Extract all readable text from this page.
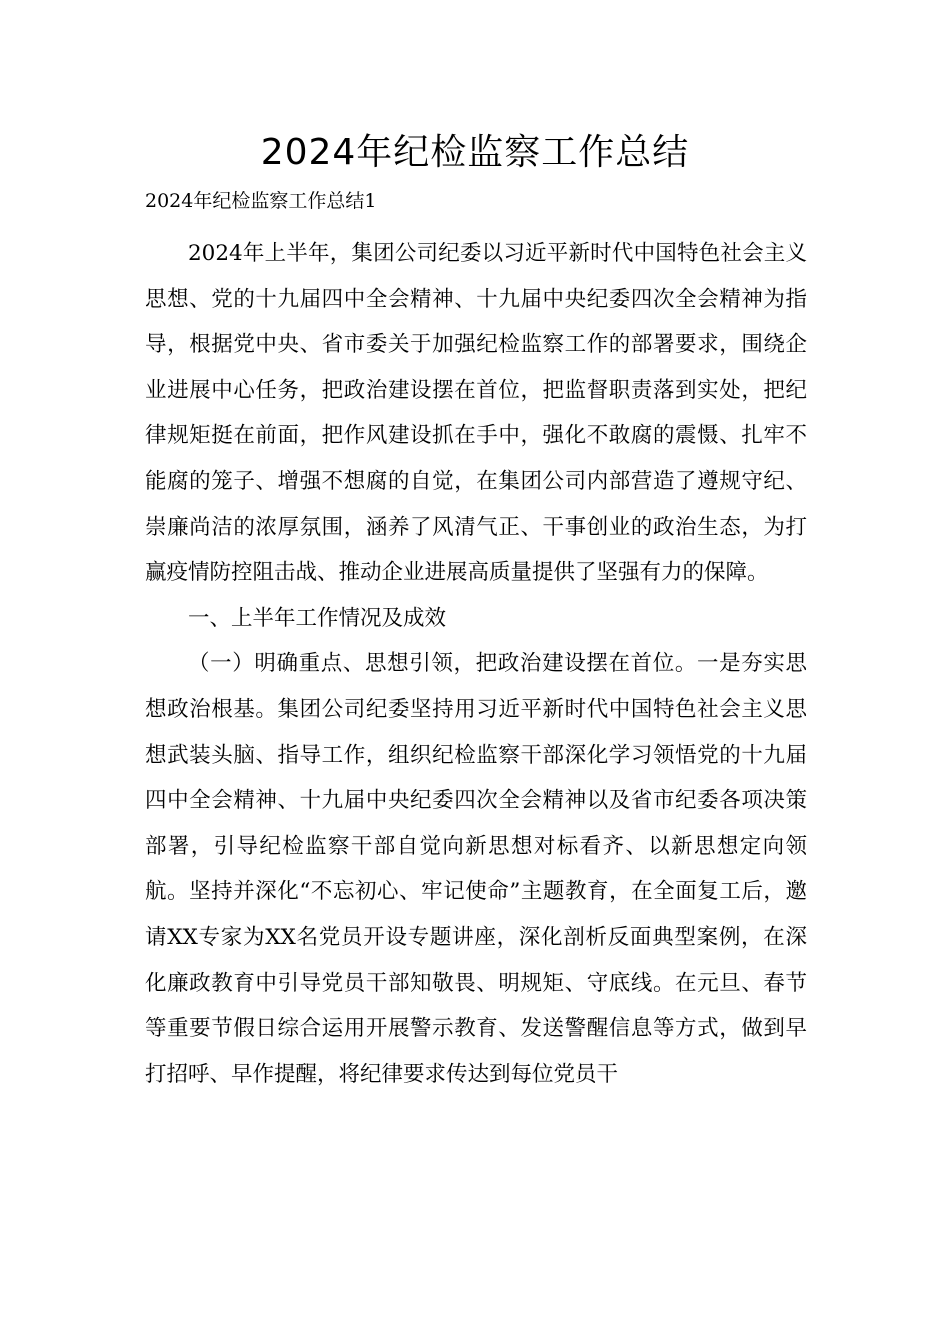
2024年纪检监察工作总结
2024年纪检监察工作总结1

2024年上半年，集团公司纪委以习近平新时代中国特色社会主义思想、党的十九届四中全会精神、十九届中央纪委四次全会精神为指导，根据党中央、省市委关于加强纪检监察工作的部署要求，围绕企业进展中心任务，把政治建设摆在首位，把监督职责落到实处，把纪律规矩挺在前面，把作风建设抓在手中，强化不敢腐的震慑、扎牢不能腐的笼子、增强不想腐的自觉，在集团公司内部营造了遵规守纪、崇廉尚洁的浓厚氛围，涵养了风清气正、干事创业的政治生态，为打赢疫情防控阻击战、推动企业进展高质量提供了坚强有力的保障。

一、上半年工作情况及成效

（一）明确重点、思想引领，把政治建设摆在首位。一是夯实思想政治根基。集团公司纪委坚持用习近平新时代中国特色社会主义思想武装头脑、指导工作，组织纪检监察干部深化学习领悟党的十九届四中全会精神、十九届中央纪委四次全会精神以及省市纪委各项决策部署，引导纪检监察干部自觉向新思想对标看齐、以新思想定向领航。坚持并深化“不忘初心、牢记使命”主题教育，在全面复工后，邀请XX专家为XX名党员开设专题讲座，深化剖析反面典型案例，在深化廉政教育中引导党员干部知敬畏、明规矩、守底线。在元旦、春节等重要节假日综合运用开展警示教育、发送警醒信息等方式，做到早打招呼、早作提醒，将纪律要求传达到每位党员干
